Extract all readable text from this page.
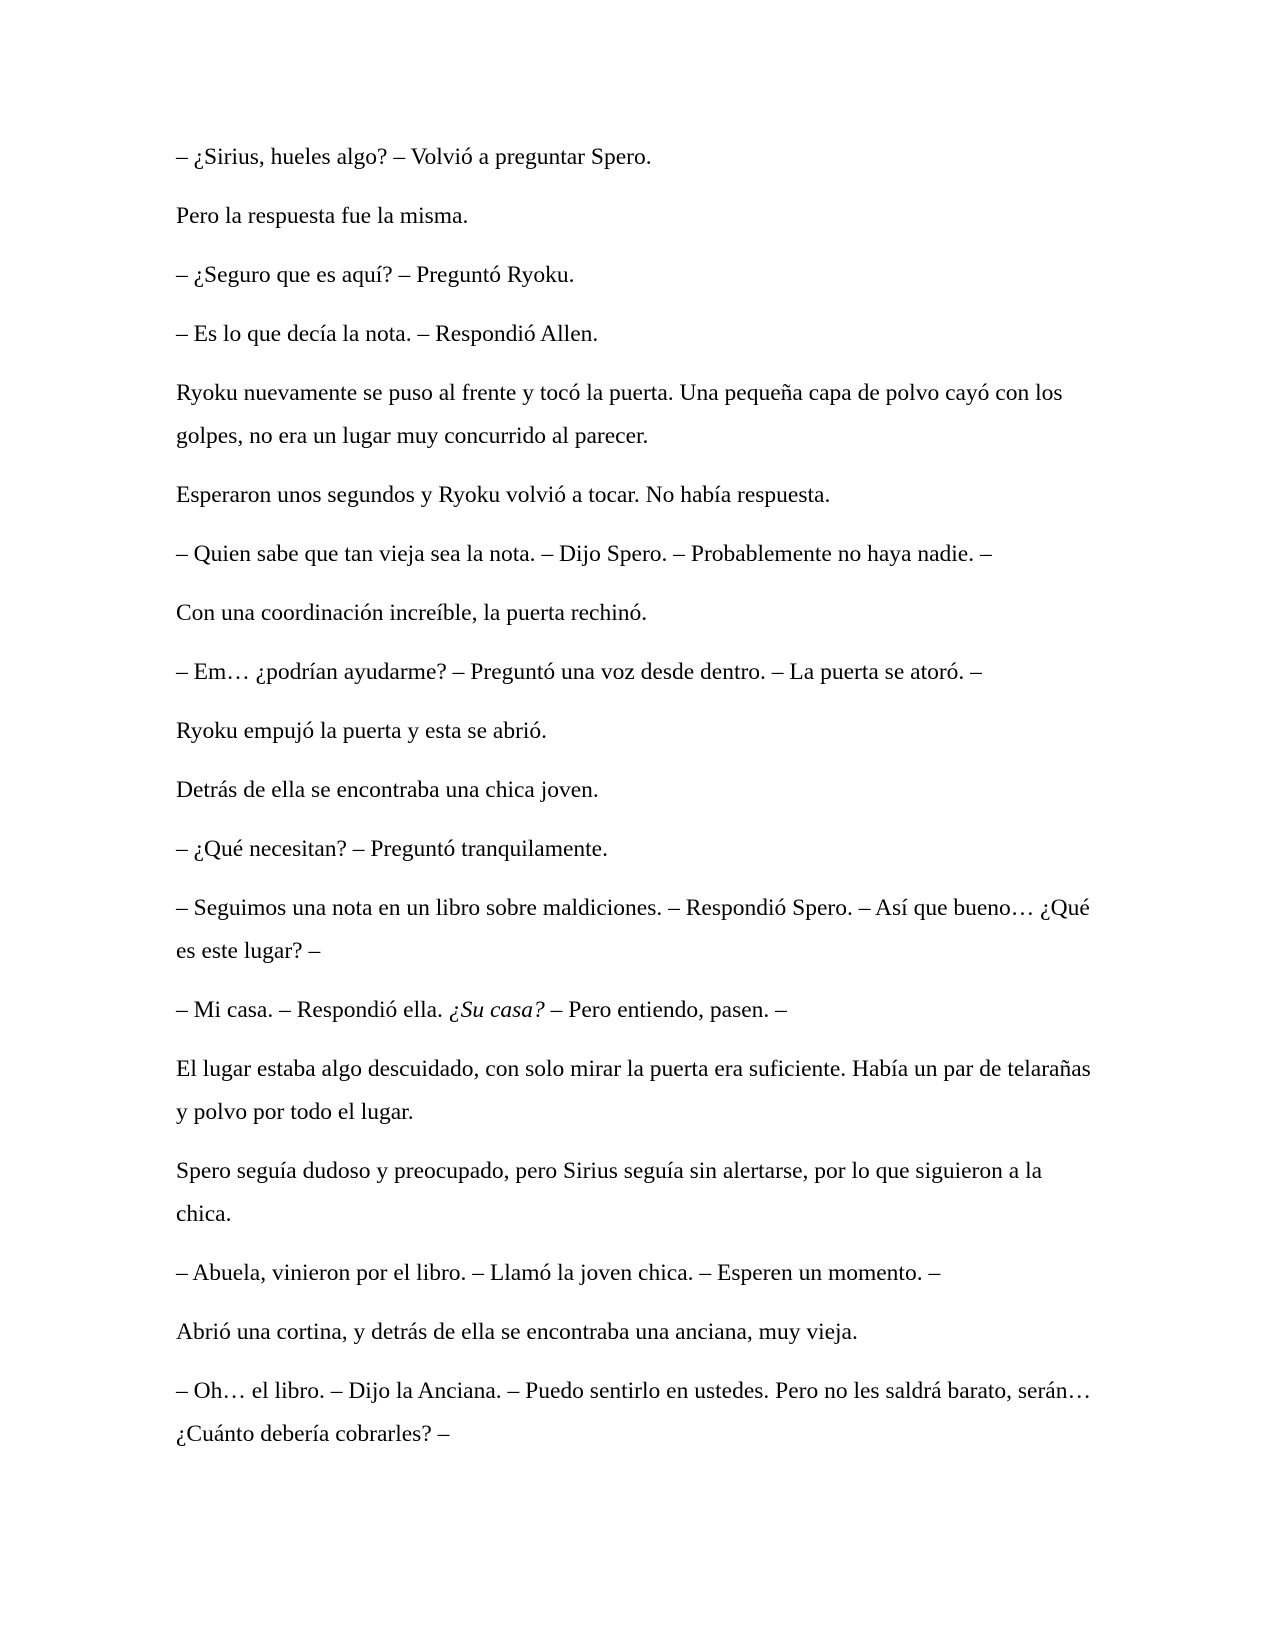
– ¿Sirius, hueles algo? – Volvió a preguntar Spero.

Pero la respuesta fue la misma.

– ¿Seguro que es aquí? – Preguntó Ryoku.

– Es lo que decía la nota. – Respondió Allen.

Ryoku nuevamente se puso al frente y tocó la puerta. Una pequeña capa de polvo cayó con los golpes, no era un lugar muy concurrido al parecer.

Esperaron unos segundos y Ryoku volvió a tocar. No había respuesta.

– Quien sabe que tan vieja sea la nota. – Dijo Spero. – Probablemente no haya nadie. –

Con una coordinación increíble, la puerta rechinó.

– Em… ¿podrían ayudarme? – Preguntó una voz desde dentro. – La puerta se atoró. –

Ryoku empujó la puerta y esta se abrió.

Detrás de ella se encontraba una chica joven.

– ¿Qué necesitan? – Preguntó tranquilamente.

– Seguimos una nota en un libro sobre maldiciones. – Respondió Spero. – Así que bueno… ¿Qué es este lugar? –

– Mi casa. – Respondió ella. ¿Su casa? – Pero entiendo, pasen. –

El lugar estaba algo descuidado, con solo mirar la puerta era suficiente. Había un par de telarañas y polvo por todo el lugar.

Spero seguía dudoso y preocupado, pero Sirius seguía sin alertarse, por lo que siguieron a la chica.

– Abuela, vinieron por el libro. – Llamó la joven chica. – Esperen un momento. –

Abrió una cortina, y detrás de ella se encontraba una anciana, muy vieja.

– Oh… el libro. – Dijo la Anciana. – Puedo sentirlo en ustedes. Pero no les saldrá barato, serán… ¿Cuánto debería cobrarles? –
